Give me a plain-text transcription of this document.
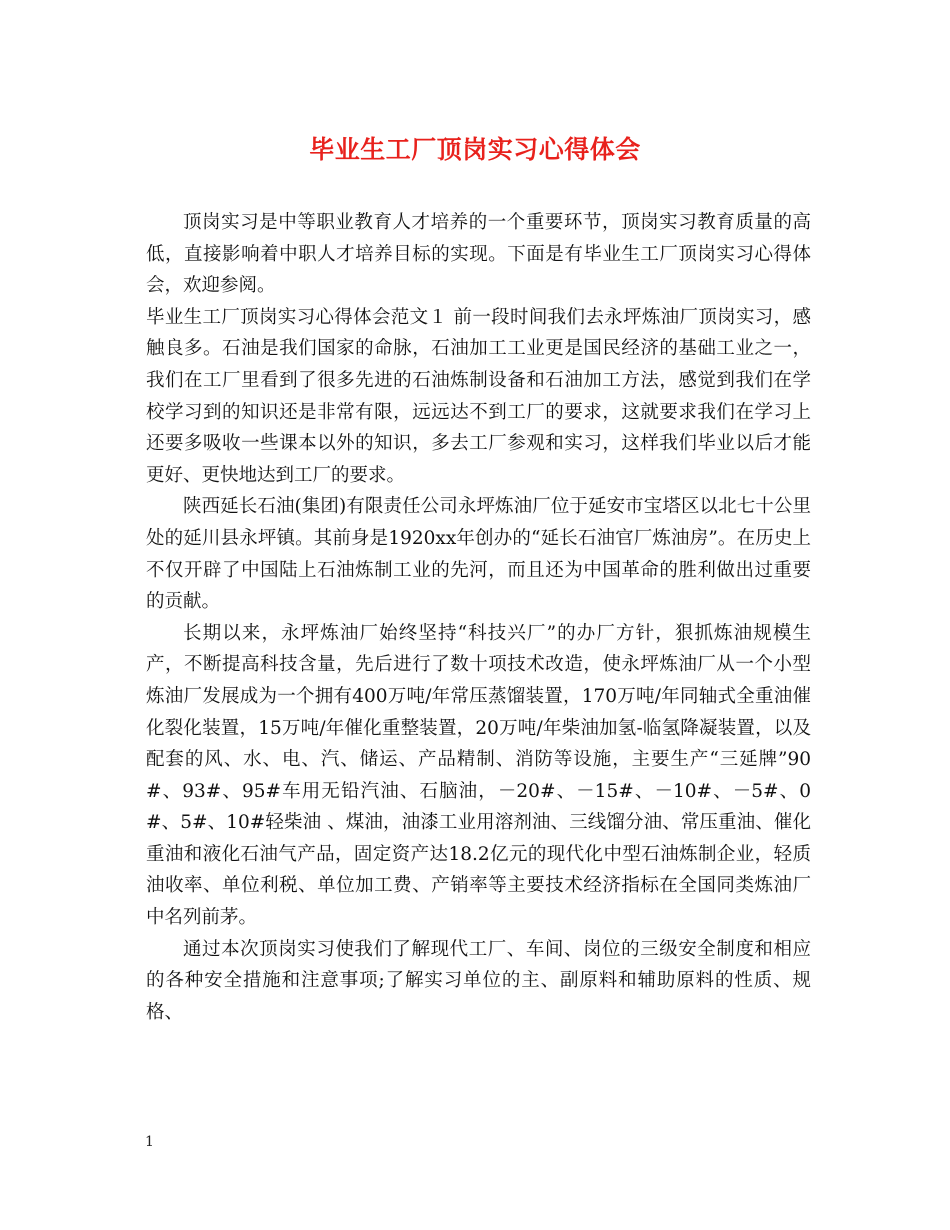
毕业生工厂顶岗实习心得体会

顶岗实习是中等职业教育人才培养的一个重要环节，顶岗实习教育质量的高低，直接影响着中职人才培养目标的实现。下面是有毕业生工厂顶岗实习心得体会，欢迎参阅。

毕业生工厂顶岗实习心得体会范文１ 前一段时间我们去永坪炼油厂顶岗实习，感触良多。石油是我们国家的命脉，石油加工工业更是国民经济的基础工业之一，我们在工厂里看到了很多先进的石油炼制设备和石油加工方法，感觉到我们在学校学习到的知识还是非常有限，远远达不到工厂的要求，这就要求我们在学习上还要多吸收一些课本以外的知识，多去工厂参观和实习，这样我们毕业以后才能更好、更快地达到工厂的要求。

陕西延长石油(集团)有限责任公司永坪炼油厂位于延安市宝塔区以北七十公里处的延川县永坪镇。其前身是1920xx年创办的“延长石油官厂炼油房”。在历史上不仅开辟了中国陆上石油炼制工业的先河，而且还为中国革命的胜利做出过重要的贡献。

长期以来，永坪炼油厂始终坚持“科技兴厂”的办厂方针，狠抓炼油规模生产，不断提高科技含量，先后进行了数十项技术改造，使永坪炼油厂从一个小型炼油厂发展成为一个拥有400万吨/年常压蒸馏装置，170万吨/年同轴式全重油催化裂化装置，15万吨/年催化重整装置，20万吨/年柴油加氢-临氢降凝装置，以及配套的风、水、电、汽、储运、产品精制、消防等设施，主要生产“三延牌”90#、93#、95#车用无铅汽油、石脑油，－20#、－15#、－10#、－5#、0#、5#、10#轻柴油 、煤油，油漆工业用溶剂油、三线馏分油、常压重油、催化重油和液化石油气产品，固定资产达18.2亿元的现代化中型石油炼制企业，轻质油收率、单位利税、单位加工费、产销率等主要技术经济指标在全国同类炼油厂中名列前茅。

通过本次顶岗实习使我们了解现代工厂、车间、岗位的三级安全制度和相应的各种安全措施和注意事项;了解实习单位的主、副原料和辅助原料的性质、规格、

1
